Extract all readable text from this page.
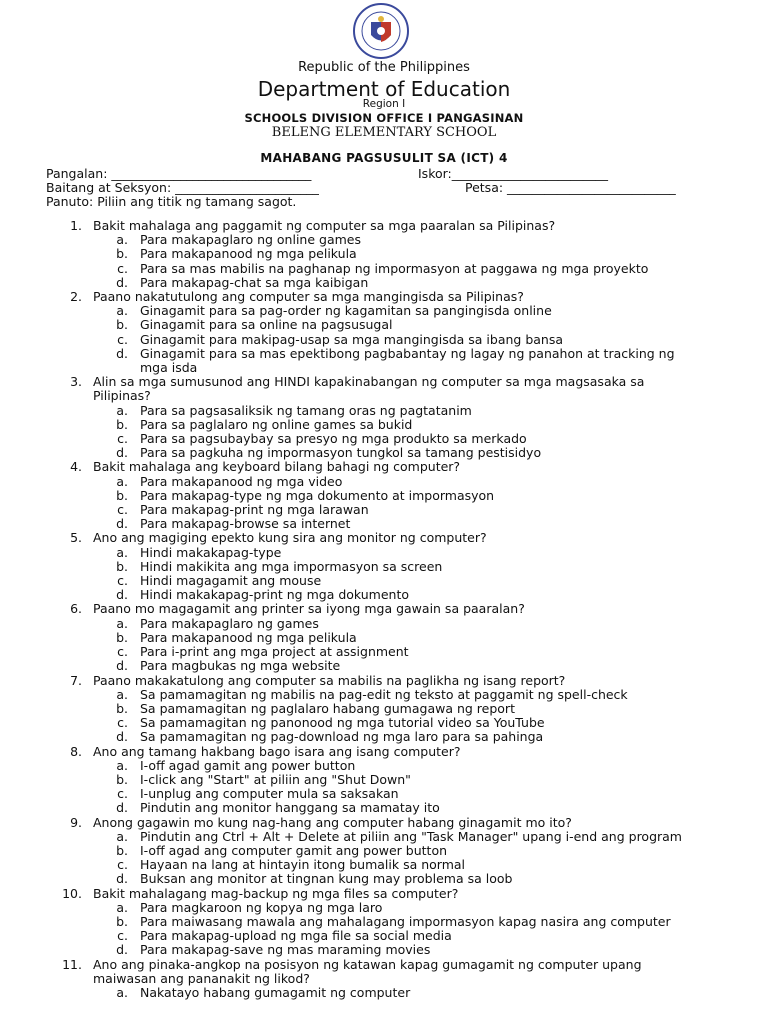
Republic of the Philippines
Department of Education
Region I
SCHOOLS DIVISION OFFICE I PANGASINAN
BELENG ELEMENTARY SCHOOL
MAHABANG PAGSUSULIT SA (ICT) 4
Pangalan: ________________________________	Iskor:_________________________
Baitang at Seksyon: _______________________	Petsa: ___________________________
Panuto: Piliin ang titik ng tamang sagot.
1. Bakit mahalaga ang paggamit ng computer sa mga paaralan sa Pilipinas?
a. Para makapaglaro ng online games
b. Para makapanood ng mga pelikula
c. Para sa mas mabilis na paghanap ng impormasyon at paggawa ng mga proyekto
d. Para makapag-chat sa mga kaibigan
2. Paano nakatutulong ang computer sa mga mangingisda sa Pilipinas?
a. Ginagamit para sa pag-order ng kagamitan sa pangingisda online
b. Ginagamit para sa online na pagsusugal
c. Ginagamit para makipag-usap sa mga mangingisda sa ibang bansa
d. Ginagamit para sa mas epektibong pagbabantay ng lagay ng panahon at tracking ng mga isda
3. Alin sa mga sumusunod ang HINDI kapakinabangan ng computer sa mga magsasaka sa Pilipinas?
a. Para sa pagsasaliksik ng tamang oras ng pagtatanim
b. Para sa paglalaro ng online games sa bukid
c. Para sa pagsubaybay sa presyo ng mga produkto sa merkado
d. Para sa pagkuha ng impormasyon tungkol sa tamang pestisidyo
4. Bakit mahalaga ang keyboard bilang bahagi ng computer?
a. Para makapanood ng mga video
b. Para makapag-type ng mga dokumento at impormasyon
c. Para makapag-print ng mga larawan
d. Para makapag-browse sa internet
5. Ano ang magiging epekto kung sira ang monitor ng computer?
a. Hindi makakapag-type
b. Hindi makikita ang mga impormasyon sa screen
c. Hindi magagamit ang mouse
d. Hindi makakapag-print ng mga dokumento
6. Paano mo magagamit ang printer sa iyong mga gawain sa paaralan?
a. Para makapaglaro ng games
b. Para makapanood ng mga pelikula
c. Para i-print ang mga project at assignment
d. Para magbukas ng mga website
7. Paano makakatulong ang computer sa mabilis na paglikha ng isang report?
a. Sa pamamagitan ng mabilis na pag-edit ng teksto at paggamit ng spell-check
b. Sa pamamagitan ng paglalaro habang gumagawa ng report
c. Sa pamamagitan ng panonood ng mga tutorial video sa YouTube
d. Sa pamamagitan ng pag-download ng mga laro para sa pahinga
8. Ano ang tamang hakbang bago isara ang isang computer?
a. I-off agad gamit ang power button
b. I-click ang "Start" at piliin ang "Shut Down"
c. I-unplug ang computer mula sa saksakan
d. Pindutin ang monitor hanggang sa mamatay ito
9. Anong gagawin mo kung nag-hang ang computer habang ginagamit mo ito?
a. Pindutin ang Ctrl + Alt + Delete at piliin ang "Task Manager" upang i-end ang program
b. I-off agad ang computer gamit ang power button
c. Hayaan na lang at hintayin itong bumalik sa normal
d. Buksan ang monitor at tingnan kung may problema sa loob
10. Bakit mahalagang mag-backup ng mga files sa computer?
a. Para magkaroon ng kopya ng mga laro
b. Para maiwasang mawala ang mahalagang impormasyon kapag nasira ang computer
c. Para makapag-upload ng mga file sa social media
d. Para makapag-save ng mas maraming movies
11. Ano ang pinaka-angkop na posisyon ng katawan kapag gumagamit ng computer upang maiwasan ang pananakit ng likod?
a. Nakatayo habang gumagamit ng computer
